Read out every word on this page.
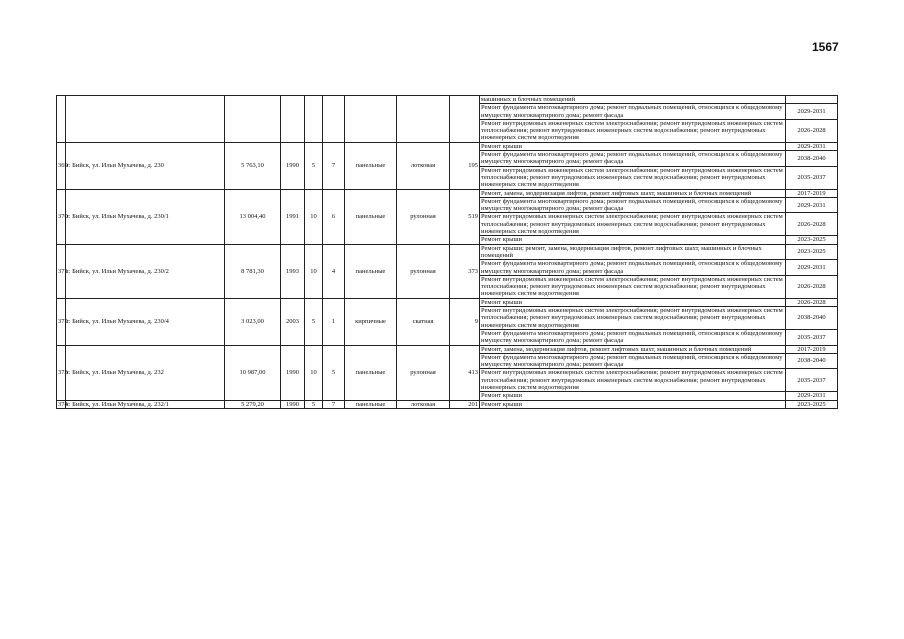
1567
									машинных и блочных помещений	
									Ремонт фундамента многоквартирного дома; ремонт подвальных помещений, относящихся к общедомовому имуществу многоквартирного дома; ремонт фасада	2029-2031
									Ремонт внутридомовых инженерных систем электроснабжения; ремонт внутридомовых инженерных систем теплоснабжения; ремонт внутридомовых инженерных систем водоснабжения; ремонт внутридомовых инженерных систем водоотведения	2026-2028
369	г. Бийск, ул. Ильи Мухачева, д. 230	5 763,10	1990	5	7	панельные	лотковая	195	Ремонт крыши	2029-2031
									Ремонт фундамента многоквартирного дома; ремонт подвальных помещений, относящихся к общедомовому имуществу многоквартирного дома; ремонт фасада	2038-2040
									Ремонт внутридомовых инженерных систем электроснабжения; ремонт внутридомовых инженерных систем теплоснабжения; ремонт внутридомовых инженерных систем водоснабжения; ремонт внутридомовых инженерных систем водоотведения	2035-2037
370	г. Бийск, ул. Ильи Мухачева, д. 230/1	13 004,40	1991	10	6	панельные	рулонная	519	Ремонт, замена, модернизация лифтов, ремонт лифтовых шахт, машинных и блочных помещений	2017-2019
									Ремонт фундамента многоквартирного дома; ремонт подвальных помещений, относящихся к общедомовому имуществу многоквартирного дома; ремонт фасада	2029-2031
									Ремонт внутридомовых инженерных систем электроснабжения; ремонт внутридомовых инженерных систем теплоснабжения; ремонт внутридомовых инженерных систем водоснабжения; ремонт внутридомовых инженерных систем водоотведения	2026-2028
									Ремонт крыши	2023-2025
371	г. Бийск, ул. Ильи Мухачева, д. 230/2	8 781,30	1993	10	4	панельные	рулонная	373	Ремонт крыши; ремонт, замена, модернизация лифтов, ремонт лифтовых шахт, машинных и блочных помещений	2023-2025
									Ремонт фундамента многоквартирного дома; ремонт подвальных помещений, относящихся к общедомовому имуществу многоквартирного дома; ремонт фасада	2029-2031
									Ремонт внутридомовых инженерных систем электроснабжения; ремонт внутридомовых инженерных систем теплоснабжения; ремонт внутридомовых инженерных систем водоснабжения; ремонт внутридомовых инженерных систем водоотведения	2026-2028
372	г. Бийск, ул. Ильи Мухачева, д. 230/4	3 023,00	2003	5	1	кирпичные	скатная	9	Ремонт крыши	2026-2028
									Ремонт внутридомовых инженерных систем электроснабжения; ремонт внутридомовых инженерных систем теплоснабжения; ремонт внутридомовых инженерных систем водоснабжения; ремонт внутридомовых инженерных систем водоотведения	2038-2040
									Ремонт фундамента многоквартирного дома; ремонт подвальных помещений, относящихся к общедомовому имуществу многоквартирного дома; ремонт фасада	2035-2037
373	г. Бийск, ул. Ильи Мухачева, д. 232	10 987,00	1990	10	5	панельные	рулонная	413	Ремонт, замена, модернизация лифтов, ремонт лифтовых шахт, машинных и блочных помещений	2017-2019
									Ремонт фундамента многоквартирного дома; ремонт подвальных помещений, относящихся к общедомовому имуществу многоквартирного дома; ремонт фасада	2038-2040
									Ремонт внутридомовых инженерных систем электроснабжения; ремонт внутридомовых инженерных систем теплоснабжения; ремонт внутридомовых инженерных систем водоснабжения; ремонт внутридомовых инженерных систем водоотведения	2035-2037
									Ремонт крыши	2029-2031
374	г. Бийск, ул. Ильи Мухачева, д. 232/1	5 279,20	1990	5	7	панельные	лотковая	201	Ремонт крыши	2023-2025
